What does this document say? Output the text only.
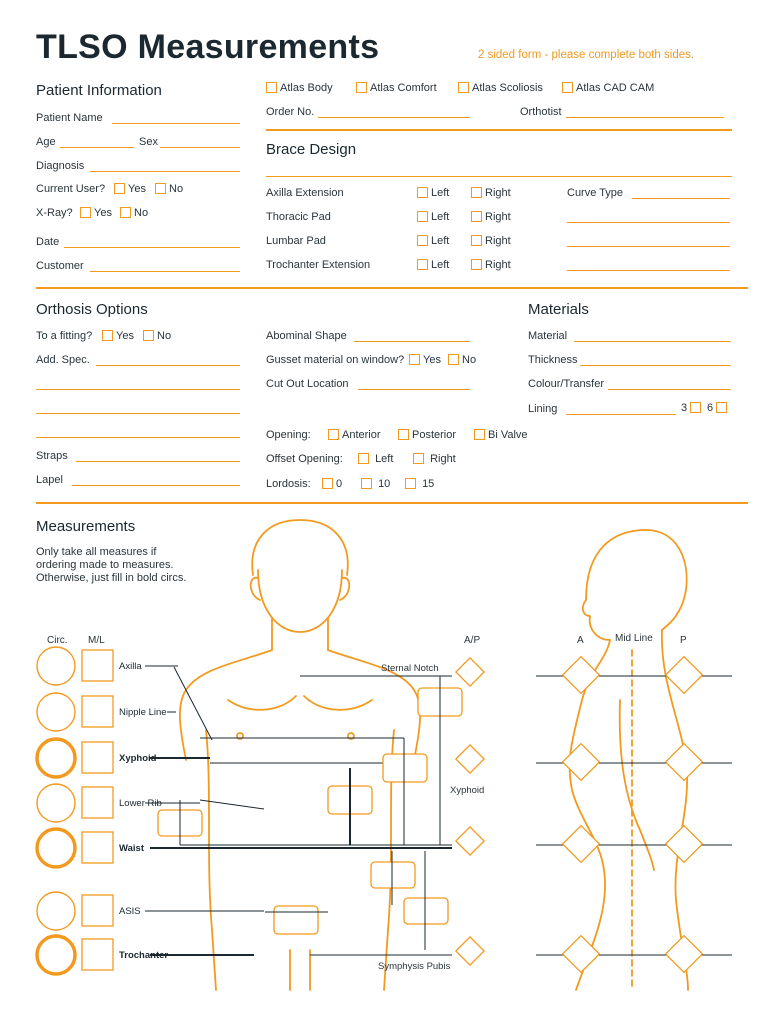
TLSO Measurements	2 sided form - please complete both sides.
Atlas Body	Atlas Comfort	Atlas Scoliosis	Atlas CAD CAM
Patient Information
Patient Name
Age	Sex
Diagnosis
Current User?	Yes	No
X-Ray?	Yes	No
Date
Customer
Order No.	Orthotist
Brace Design
Axilla Extension	Left	Right
Thoracic Pad	Left	Right
Lumbar Pad	Left	Right
Trochanter Extension	Left	Right
Curve Type
Orthosis Options
To a fitting?	Yes	No
Add. Spec.
Straps
Lapel
Abominal Shape
Gusset material on window?	Yes	No
Cut Out Location
Opening:	Anterior	Posterior	Bi Valve
Offset Opening:	Left	Right
Lordosis:	0	10	15
Materials
Material
Thickness
Colour/Transfer
Lining	3	6
Measurements
Only take all measures if ordering made to measures. Otherwise, just fill in bold circs.
Circ. M/L	A/P	A	Mid Line	P
Axilla
Nipple Line
Xyphoid
Lower Rib
Waist
ASIS
Trochanter
Xyphoid
Sternal Notch
Symphysis Pubis
